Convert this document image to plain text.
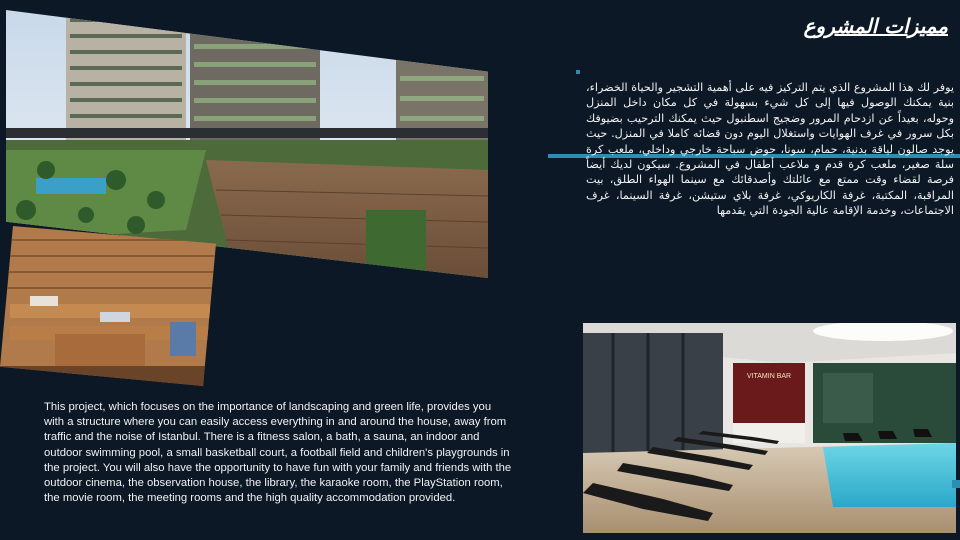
مميزات المشروع
يوفر لك هذا المشروع الذي يتم التركيز فيه على أهمية التشجير والحياة الخضراء، بنية يمكنك الوصول فيها إلى كل شيء بسهولة في كل مكان داخل المنزل وحوله، بعيداً عن ازدحام المرور وضجيج اسطنبول حيث يمكنك الترحيب بضيوفك بكل سرور في غرف الهوايات واستغلال اليوم دون قضائه كاملا في المنزل. حيث يوجد صالون لياقة بدنية، حمام، سونا، حوض سباحة خارجي وداخلي، ملعب كرة سلة صغير، ملعب كرة قدم و ملاعب أطفال في المشروع. سيكون لديك أيضاً فرصة لقضاء وقت ممتع مع عائلتك وأصدقائك مع سينما الهواء الطلق، بيت المراقبة، المكتبة، غرفة الكاريوكي، غرفة بلاي ستيشن، غرفة السينما، غرف الاجتماعات، وخدمة الإقامة عالية الجودة التي يقدمها
This project, which focuses on the importance of landscaping and green life, provides you with a structure where you can easily access everything in and around the house, away from traffic and the noise of Istanbul. There is a fitness salon, a bath, a sauna, an indoor and outdoor swimming pool, a small basketball court, a football field and children's playgrounds in the project. You will also have the opportunity to have fun with your family and friends with the outdoor cinema, the observation house, the library, the karaoke room, the PlayStation room, the movie room, the meeting rooms and the high quality accommodation provided.
VITAMIN BAR
